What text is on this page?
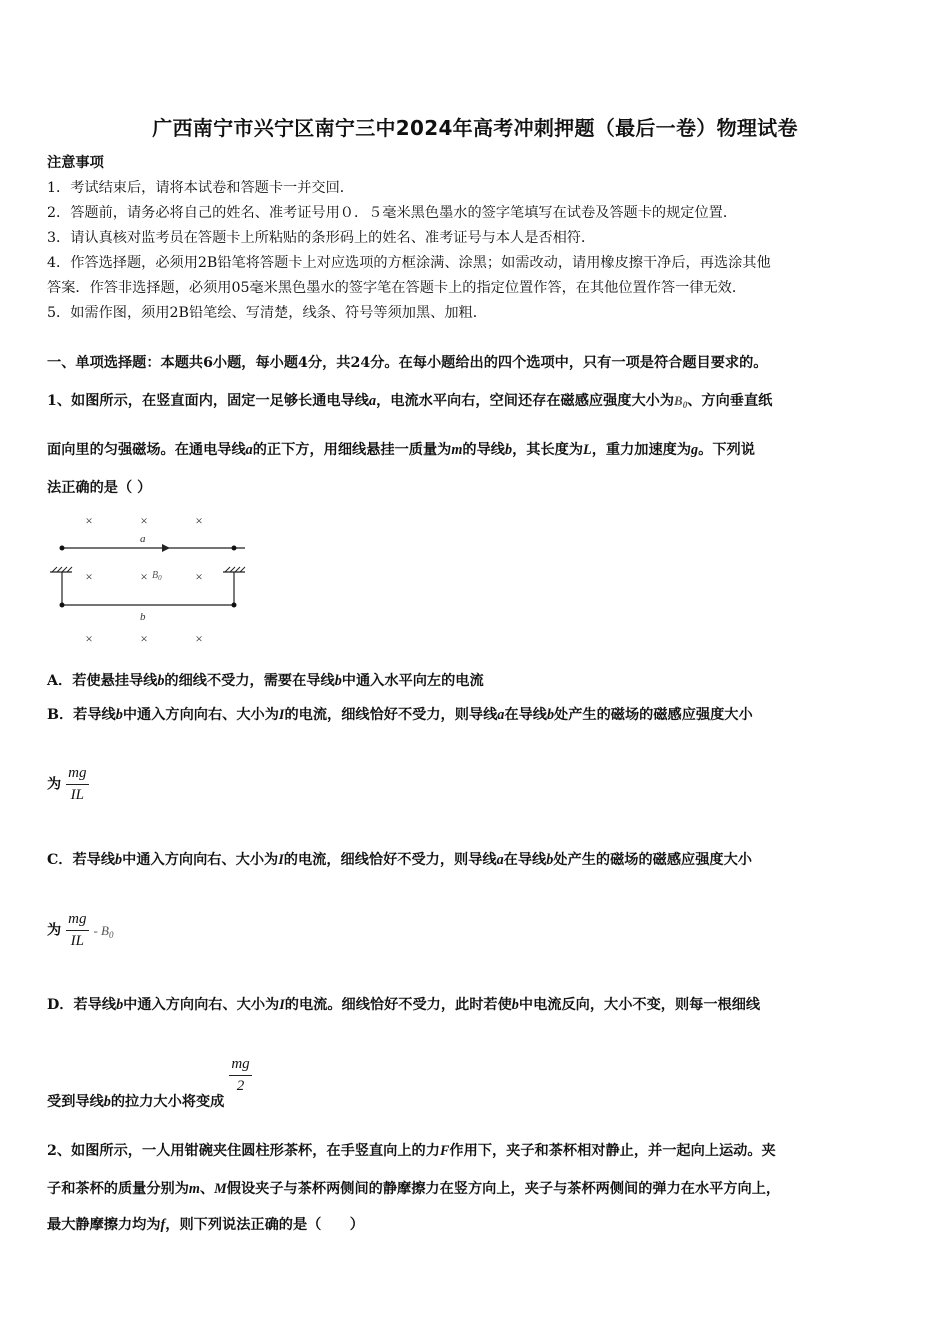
广西南宁市兴宁区南宁三中2024年高考冲刺押题（最后一卷）物理试卷
注意事项
1．考试结束后，请将本试卷和答题卡一并交回．
2．答题前，请务必将自己的姓名、准考证号用０．５毫米黑色墨水的签字笔填写在试卷及答题卡的规定位置．
3．请认真核对监考员在答题卡上所粘贴的条形码上的姓名、准考证号与本人是否相符．
4．作答选择题，必须用2B铅笔将答题卡上对应选项的方框涂满、涂黑；如需改动，请用橡皮擦干净后，再选涂其他
答案．作答非选择题，必须用05毫米黑色墨水的签字笔在答题卡上的指定位置作答，在其他位置作答一律无效．
5．如需作图，须用2B铅笔绘、写清楚，线条、符号等须加黑、加粗．
一、单项选择题：本题共6小题，每小题4分，共24分。在每小题给出的四个选项中，只有一项是符合题目要求的。
1、如图所示，在竖直面内，固定一足够长通电导线a，电流水平向右，空间还存在磁感应强度大小为$B_0$、方向垂直纸
面向里的匀强磁场。在通电导线a的正下方，用细线悬挂一质量为m的导线b，其长度为L，重力加速度为g。下列说
法正确的是（ ）
×	×	×
×	×	×
×	×	×
a
$B_0$
b
A．若使悬挂导线b的细线不受力，需要在导线b中通入水平向左的电流
B．若导线b中通入方向向右、大小为I的电流，细线恰好不受力，则导线a在导线b处产生的磁场的磁感应强度大小
为 $\frac{mg}{IL}$
C．若导线b中通入方向向右、大小为I的电流，细线恰好不受力，则导线a在导线b处产生的磁场的磁感应强度大小
为 $\frac{mg}{IL} - B_0$
D．若导线b中通入方向向右、大小为I的电流。细线恰好不受力，此时若使b中电流反向，大小不变，则每一根细线
受到导线b的拉力大小将变成
$\frac{mg}{2}$
2、如图所示，一人用钳碗夹住圆柱形茶杯，在手竖直向上的力F作用下，夹子和茶杯相对静止，并一起向上运动。夹
子和茶杯的质量分别为m、M假设夹子与茶杯两侧间的静摩擦力在竖方向上，夹子与茶杯两侧间的弹力在水平方向上，
最大静摩擦力均为f，则下列说法正确的是（　　）
